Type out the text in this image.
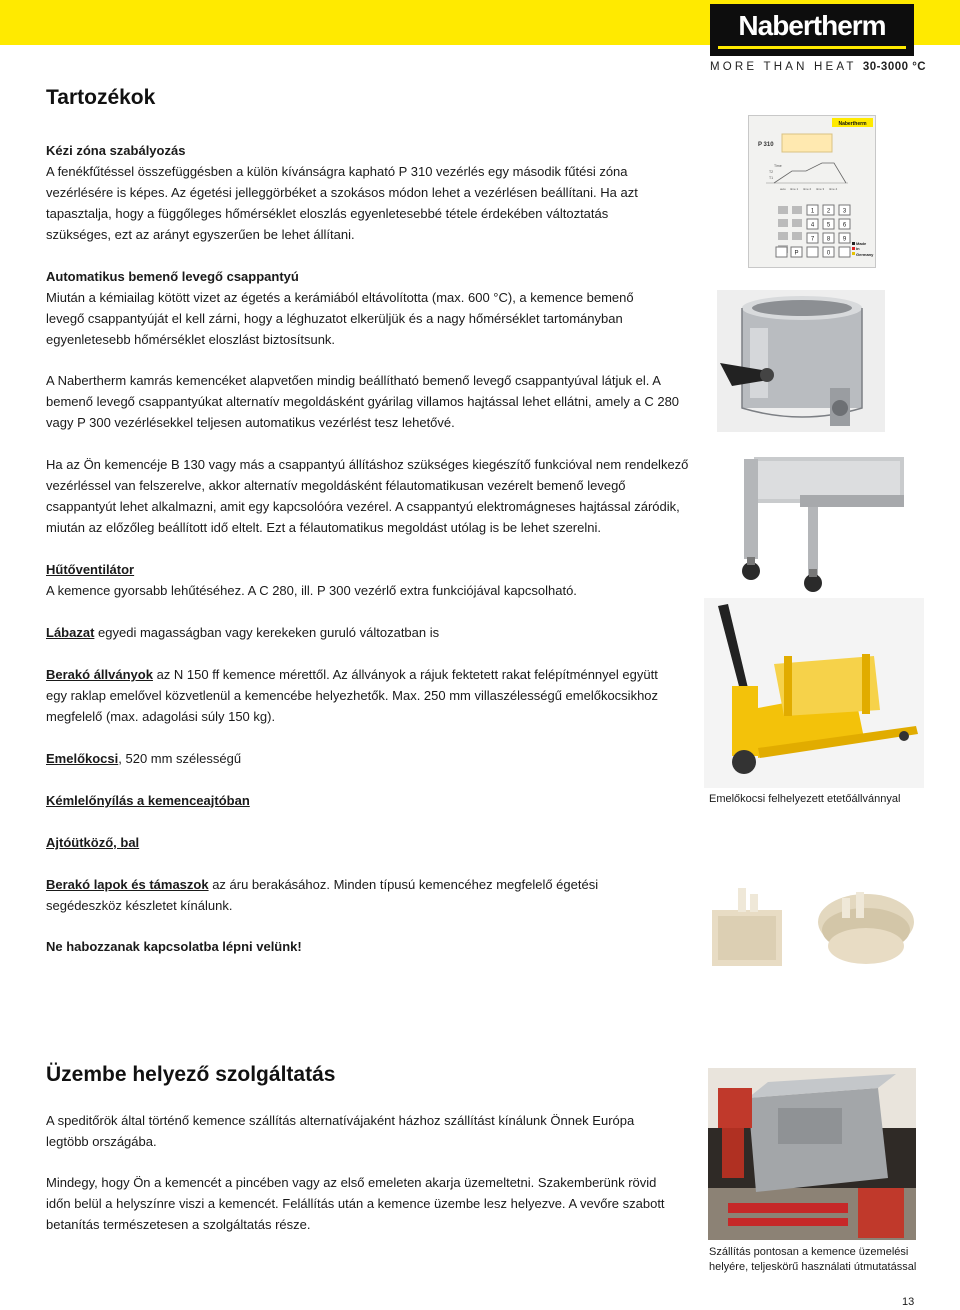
Nabertherm
MORE THAN HEAT 30-3000 °C
Tartozékok
Kézi zóna szabályozás
A fenékfűtéssel összefüggésben a külön kívánságra kapható P 310 vezérlés egy második fűtési zóna vezérlésére is képes. Az égetési jelleggörbéket a szokásos módon lehet a vezérlésen beállítani. Ha azt tapasztalja, hogy a függőleges hőmérséklet eloszlás egyenletesebbé tétele érdekében változtatás szükséges, ezt az arányt egyszerűen be lehet állítani.
Automatikus bemenő levegő csappantyú
Miután a kémiailag kötött vizet az égetés a kerámiából eltávolította (max. 600 °C), a kemence bemenő levegő csappantyúját el kell zárni, hogy a léghuzatot elkerüljük és a nagy hőmérséklet tartományban egyenletesebb hőmérséklet eloszlást biztosítsunk.
A Nabertherm kamrás kemencéket alapvetően mindig beállítható bemenő levegő csappantyúval látjuk el. A bemenő levegő csappantyúkat alternatív megoldásként gyárilag villamos hajtással lehet ellátni, amely a C 280 vagy P 300 vezérlésekkel teljesen automatikus vezérlést tesz lehetővé.
Ha az Ön kemencéje B 130 vagy más a csappantyú állításhoz szükséges kiegészítő funkcióval nem rendelkező vezérléssel van felszerelve, akkor alternatív megoldásként félautomatikusan vezérelt bemenő levegő csappantyút lehet alkalmazni, amit egy kapcsolóóra vezérel. A csappantyú elektromágneses hajtással záródik, miután az előzőleg beállított idő eltelt. Ezt a félautomatikus megoldást utólag is be lehet szerelni.
Hűtőventilátor
A kemence gyorsabb lehűtéséhez. A C 280, ill. P 300 vezérlő extra funkciójával kapcsolható.
Lábazat egyedi magasságban vagy kerekeken guruló változatban is
Berakó állványok az N 150 ff kemence mérettől. Az állványok a rájuk fektetett rakat felépítménnyel együtt egy raklap emelővel közvetlenül a kemencébe helyezhetők. Max. 250 mm villaszélességű emelőkocsikhoz megfelelő (max. adagolási súly 150 kg).
Emelőkocsi, 520 mm szélességű
Kémlelőnyílás a kemenceajtóban
Ajtóütköző, bal
Berakó lapok és támaszok az áru berakásához. Minden típusú kemencéhez megfelelő égetési segédeszköz készletet kínálunk.
Ne habozzanak kapcsolatba lépni velünk!
Üzembe helyező szolgáltatás
A speditőrök által történő kemence szállítás alternatívájaként házhoz szállítást kínálunk Önnek Európa legtöbb országába.
Mindegy, hogy Ön a kemencét a pincében vagy az első emeleten akarja üzemeltetni. Szakemberünk rövid időn belül a helyszínre viszi a kemencét. Felállítás után a kemence üzembe lesz helyezve. A vevőre szabott betanítás természetesen a szolgáltatás része.
Nabertherm
P 310
Time
T2
T1
auto time 1 time 2 time 3 time 4
1 2 3
4 5 6
7 8 9
P	0
Made
in
Germany
Emelőkocsi felhelyezett etetőállvánnyal
Szállítás pontosan a kemence üzemelési helyére, teljeskörű használati útmutatással
13
